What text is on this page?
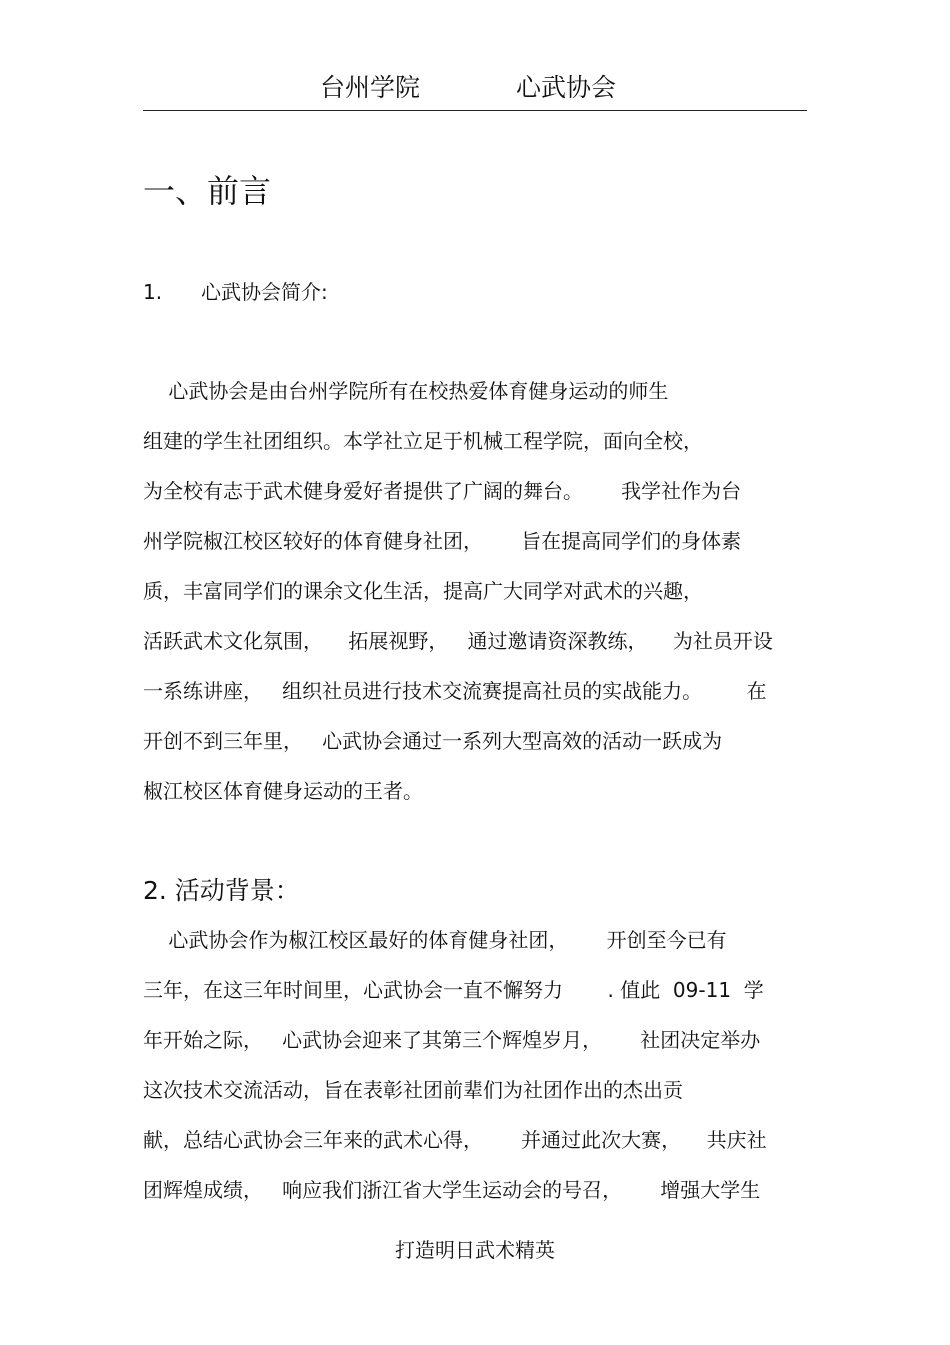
台州学院	心武协会
一、前言
1. 心武协会简介:
心武协会是由台州学院所有在校热爱体育健身运动的师生
组建的学生社团组织。本学社立足于机械工程学院，面向全校，
为全校有志于武术健身爱好者提供了广阔的舞台。      我学社作为台
州学院椒江校区较好的体育健身社团，      旨在提高同学们的身体素
质，丰富同学们的课余文化生活，提高广大同学对武术的兴趣，
活跃武术文化氛围，    拓展视野，   通过邀请资深教练，    为社员开设
一系练讲座，   组织社员进行技术交流赛提高社员的实战能力。       在
开创不到三年里，   心武协会通过一系列大型高效的活动一跃成为
椒江校区体育健身运动的王者。
2. 活动背景：
心武协会作为椒江校区最好的体育健身社团，      开创至今已有
三年，在这三年时间里，心武协会一直不懈努力       . 值此  09-11  学
年开始之际，   心武协会迎来了其第三个辉煌岁月，      社团决定举办
这次技术交流活动，旨在表彰社团前辈们为社团作出的杰出贡
献，总结心武协会三年来的武术心得，      并通过此次大赛，    共庆社
团辉煌成绩，   响应我们浙江省大学生运动会的号召，      增强大学生
打造明日武术精英
